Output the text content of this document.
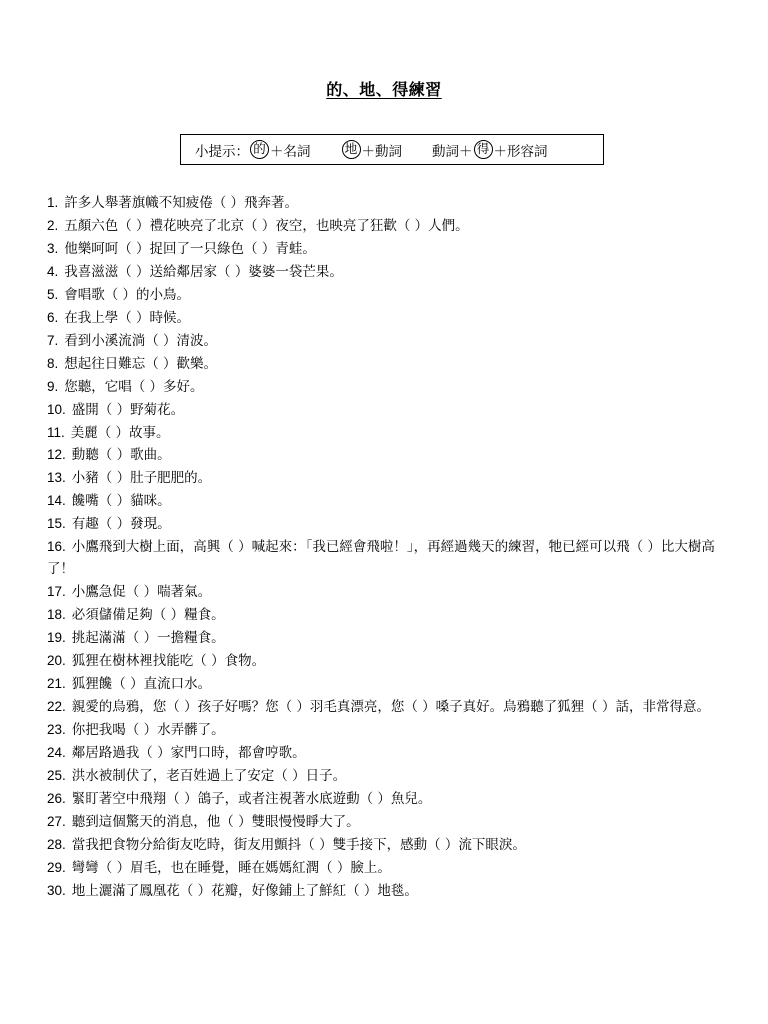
的、地、得練習
小提示： 的 ＋名詞	地 ＋動詞 動詞＋ 得 ＋形容詞
1. 許多人舉著旗幟不知疲倦（ ）飛奔著。
2. 五顏六色（ ）禮花映亮了北京（ ）夜空，也映亮了狂歡（ ）人們。
3. 他樂呵呵（ ）捉回了一只綠色（ ）青蛙。
4. 我喜滋滋（ ）送給鄰居家（ ）婆婆一袋芒果。
5. 會唱歌（ ）的小鳥。
6. 在我上學（ ）時候。
7. 看到小溪流淌（ ）清波。
8. 想起往日難忘（ ）歡樂。
9. 您聽，它唱（ ）多好。
10. 盛開（ ）野菊花。
11. 美麗（ ）故事。
12. 動聽（ ）歌曲。
13. 小豬（ ）肚子肥肥的。
14. 饞嘴（ ）貓咪。
15. 有趣（ ）發現。
16. 小鷹飛到大樹上面，高興（ ）喊起來：「我已經會飛啦！」，再經過幾天的練習，牠已經可以飛（ ）比大樹高了！
17. 小鷹急促（ ）喘著氣。
18. 必須儲備足夠（ ）糧食。
19. 挑起滿滿（ ）一擔糧食。
20. 狐狸在樹林裡找能吃（ ）食物。
21. 狐狸饞（ ）直流口水。
22. 親愛的烏鴉，您（ ）孩子好嗎？您（ ）羽毛真漂亮，您（ ）嗓子真好。烏鴉聽了狐狸（ ）話，非常得意。
23. 你把我喝（ ）水弄髒了。
24. 鄰居路過我（ ）家門口時，都會哼歌。
25. 洪水被制伏了，老百姓過上了安定（ ）日子。
26. 緊盯著空中飛翔（ ）鴿子，或者注視著水底遊動（ ）魚兒。
27. 聽到這個驚天的消息，他（ ）雙眼慢慢睜大了。
28. 當我把食物分給街友吃時，街友用顫抖（ ）雙手接下，感動（ ）流下眼淚。
29. 彎彎（ ）眉毛，也在睡覺，睡在媽媽紅潤（ ）臉上。
30. 地上灑滿了鳳凰花（ ）花瓣，好像鋪上了鮮紅（ ）地毯。
